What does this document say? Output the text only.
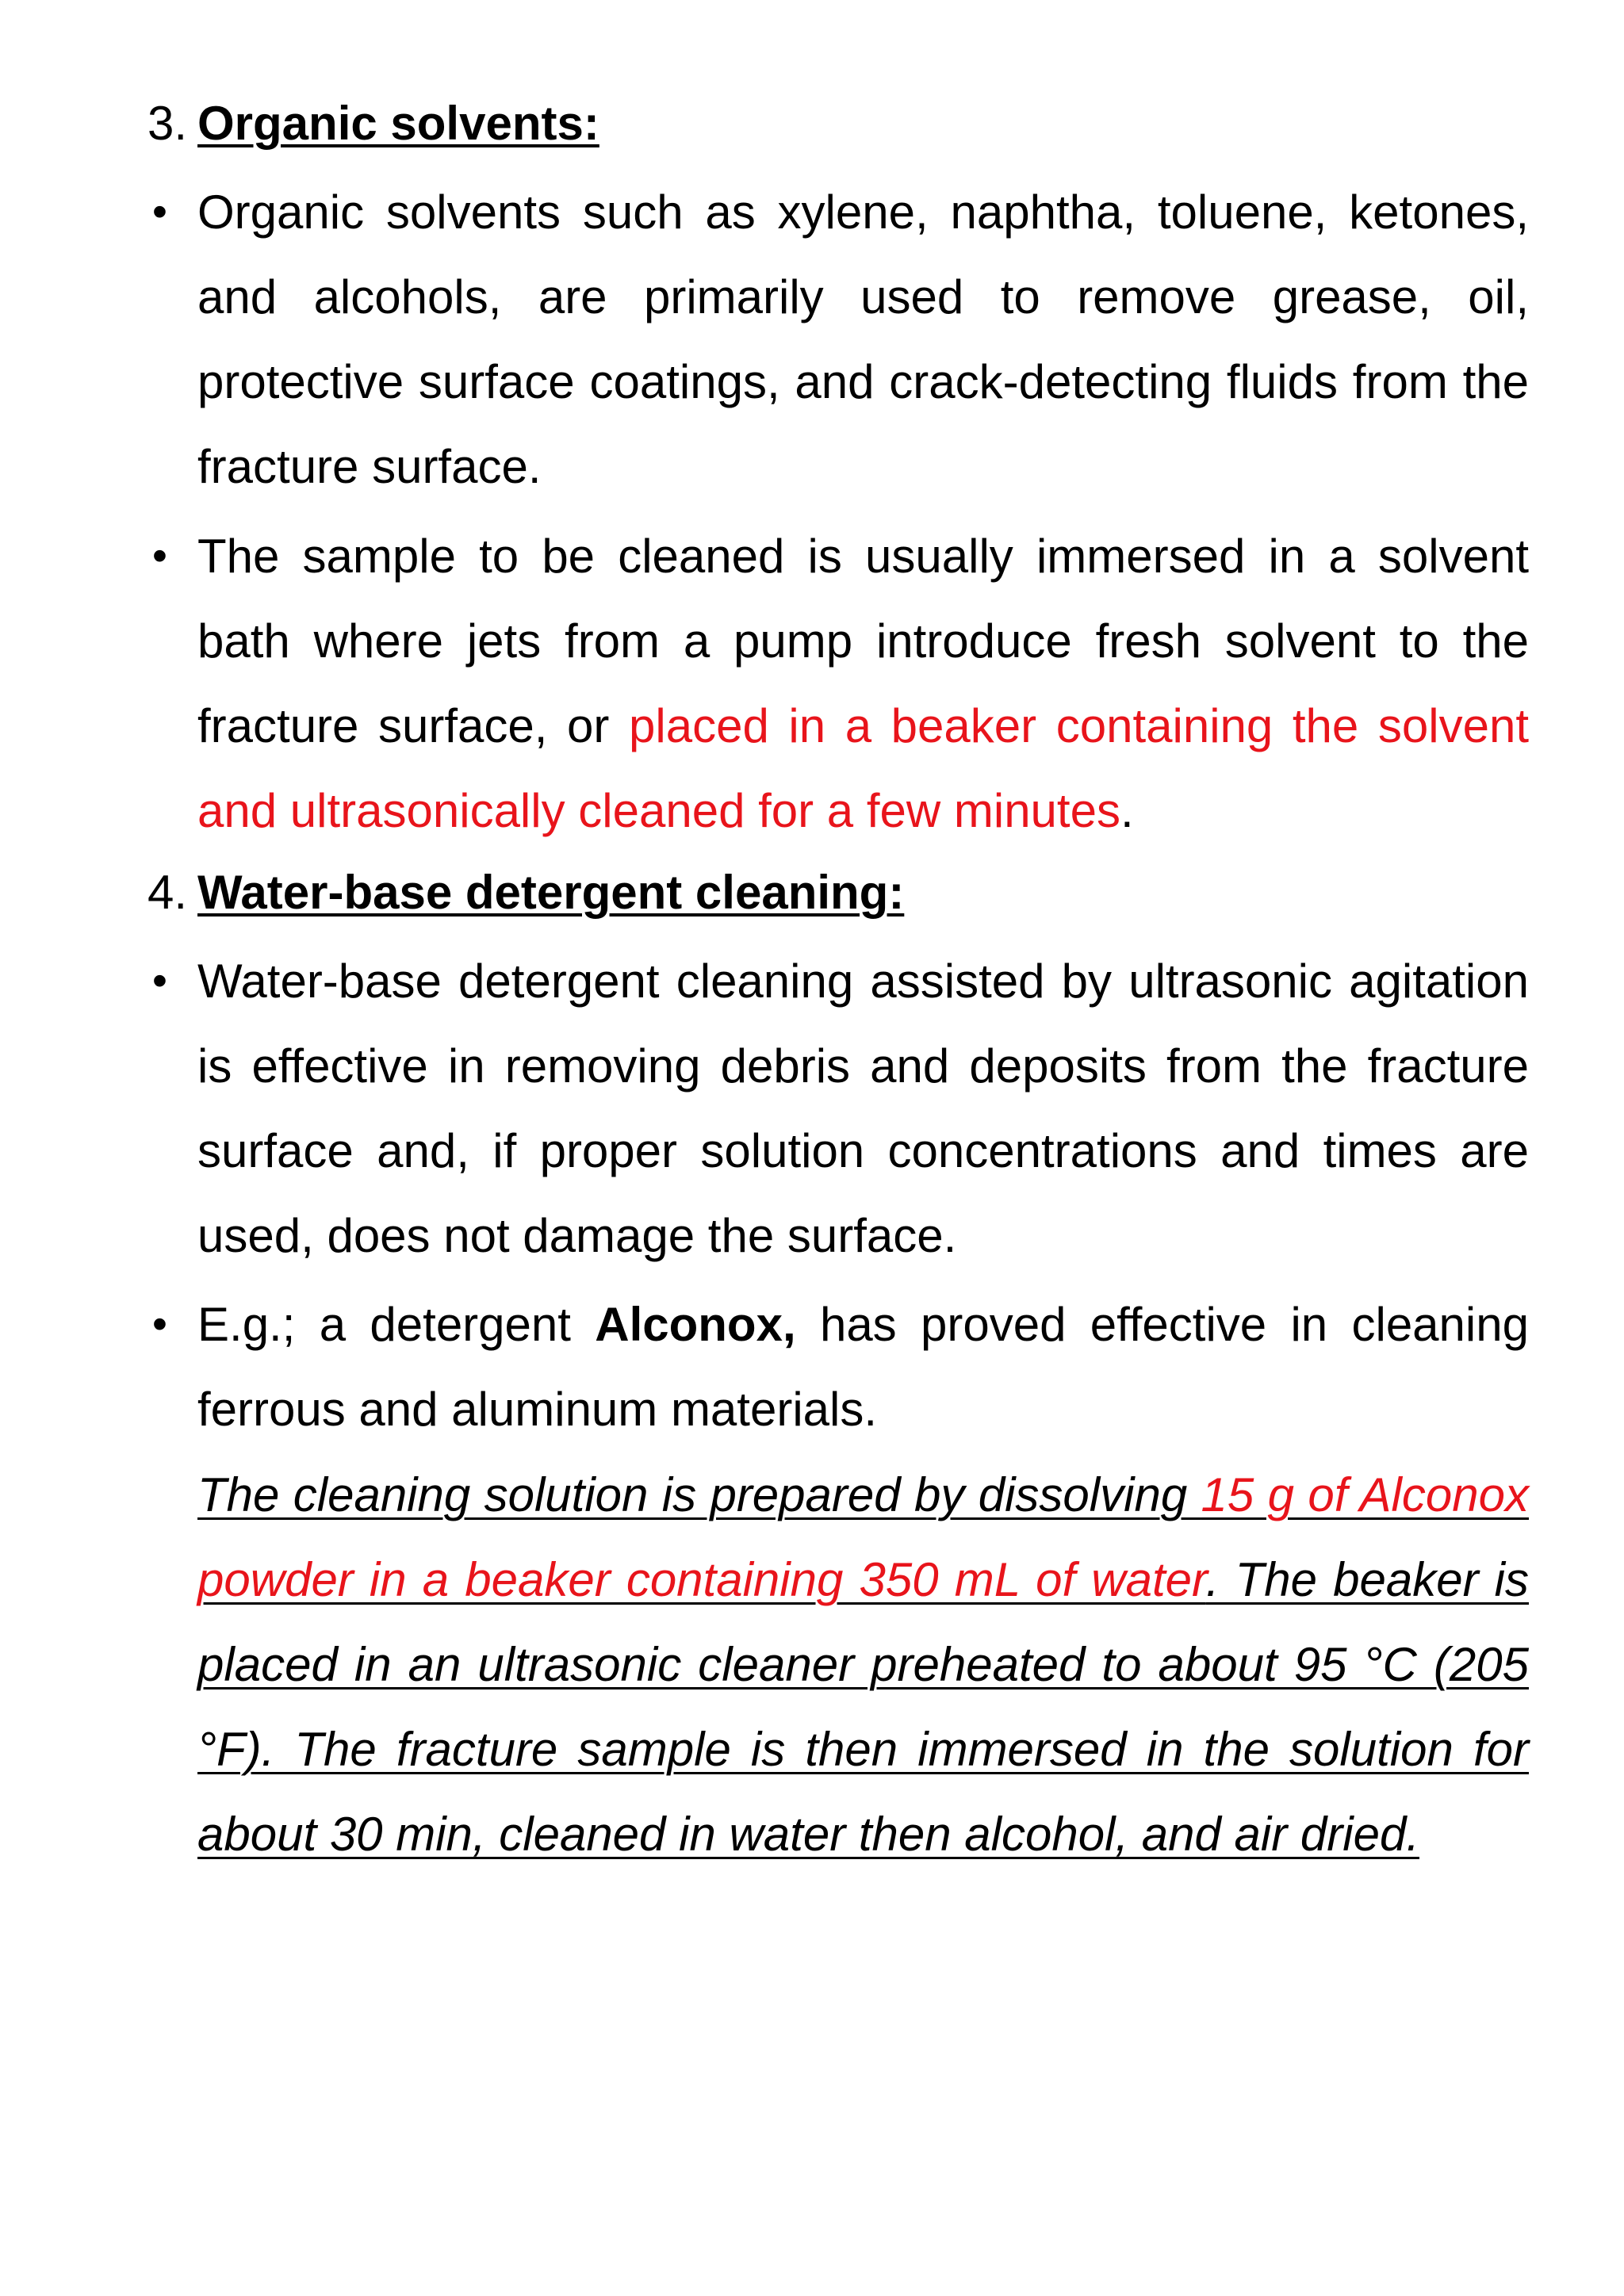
3. Organic solvents:
• Organic solvents such as xylene, naphtha, toluene, ketones, and alcohols, are primarily used to remove grease, oil, protective surface coatings, and crack-detecting fluids from the fracture surface.
• The sample to be cleaned is usually immersed in a solvent bath where jets from a pump introduce fresh solvent to the fracture surface, or placed in a beaker containing the solvent and ultrasonically cleaned for a few minutes.
4. Water-base detergent cleaning:
• Water-base detergent cleaning assisted by ultrasonic agitation is effective in removing debris and deposits from the fracture surface and, if proper solution concentrations and times are used, does not damage the surface.
• E.g.; a detergent Alconox, has proved effective in cleaning ferrous and aluminum materials.
The cleaning solution is prepared by dissolving 15 g of Alconox powder in a beaker containing 350 mL of water. The beaker is placed in an ultrasonic cleaner preheated to about 95 °C (205 °F). The fracture sample is then immersed in the solution for about 30 min, cleaned in water then alcohol, and air dried.
